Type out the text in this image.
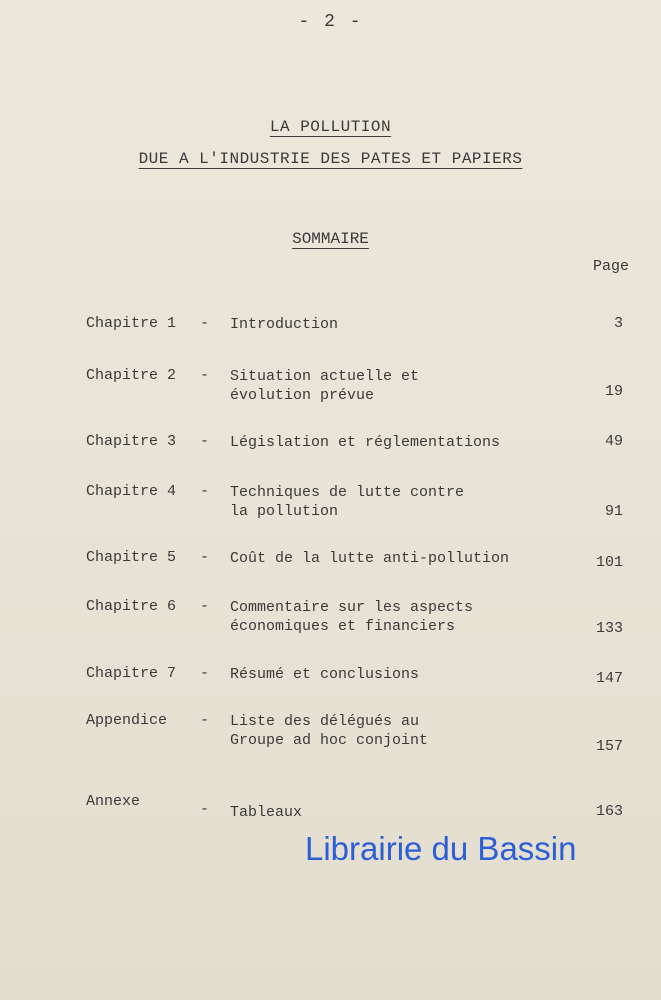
- 2 -
LA POLLUTION
DUE A L'INDUSTRIE DES PATES ET PAPIERS
SOMMAIRE
Page
Chapitre 1 - Introduction	3
Chapitre 2 - Situation actuelle et
évolution prévue	19
Chapitre 3 - Législation et réglementations	49
Chapitre 4 - Techniques de lutte contre
la pollution	91
Chapitre 5 - Coût de la lutte anti-pollution	101
Chapitre 6 - Commentaire sur les aspects
économiques et financiers	133
Chapitre 7 - Résumé et conclusions	147
Appendice - Liste des délégués au
Groupe ad hoc conjoint	157
Annexe	- Tableaux	163
Librairie du Bassin
